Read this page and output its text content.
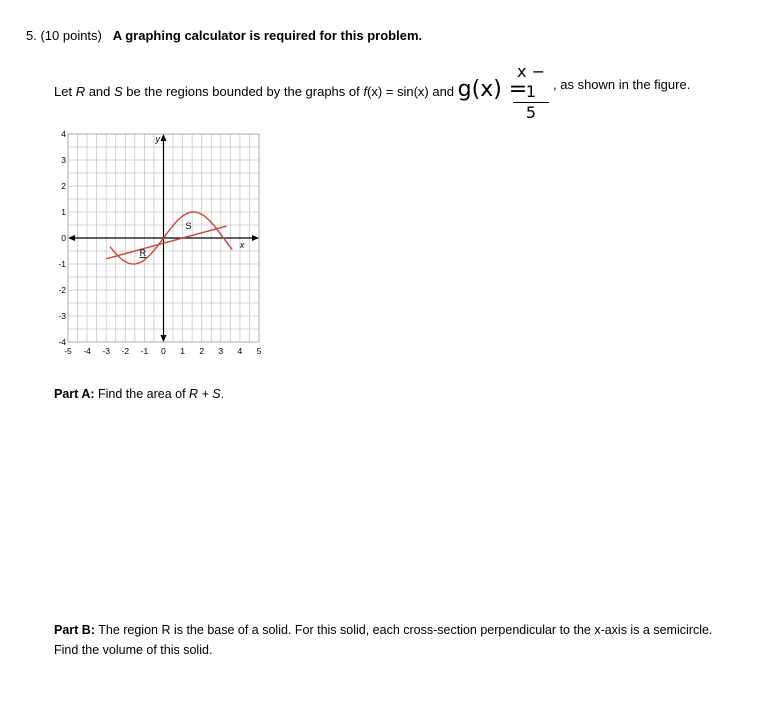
5. (10 points) A graphing calculator is required for this problem.
Let R and S be the regions bounded by the graphs of f(x) = sin(x) and g(x) =
x − 1
5
, as shown in the figure.
-5 -4 -3 -2 -1 0 1 2 3 4 5
4
3
2
1
0
-1
-2
-3
-4
y
x
R
S
Part A: Find the area of R + S.
Part B: The region R is the base of a solid. For this solid, each cross-section perpendicular to the x-axis is a semicircle.
Find the volume of this solid.
